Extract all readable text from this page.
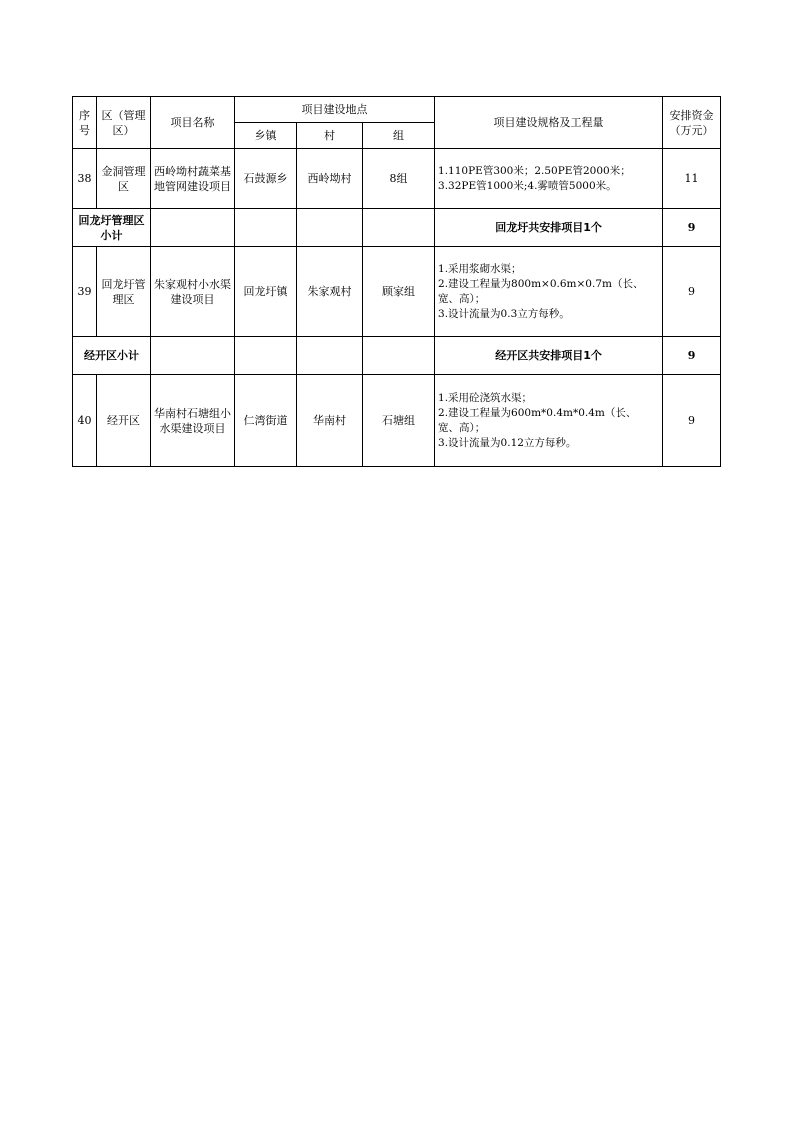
序号	区（管理区）	项目名称	项目建设地点			项目建设规格及工程量	安排资金（万元）
			乡镇	村	组		
38	金洞管理区	西岭坳村蔬菜基地管网建设项目	石鼓源乡	西岭坳村	8组	1.110PE管300米；2.50PE管2000米；
3.32PE管1000米;4.雾喷管5000米。	11
回龙圩管理区小计						回龙圩共安排项目1个	9
39	回龙圩管理区	朱家观村小水渠建设项目	回龙圩镇	朱家观村	顾家组	1.采用浆砌水渠；
2.建设工程量为800m×0.6m×0.7m（长、
宽、高）；
3.设计流量为0.3立方每秒。	9
经开区小计						经开区共安排项目1个	9
40	经开区	华南村石塘组小水渠建设项目	仁湾街道	华南村	石塘组	1.采用砼浇筑水渠；
2.建设工程量为600m*0.4m*0.4m（长、
宽、高）；
3.设计流量为0.12立方每秒。	9
